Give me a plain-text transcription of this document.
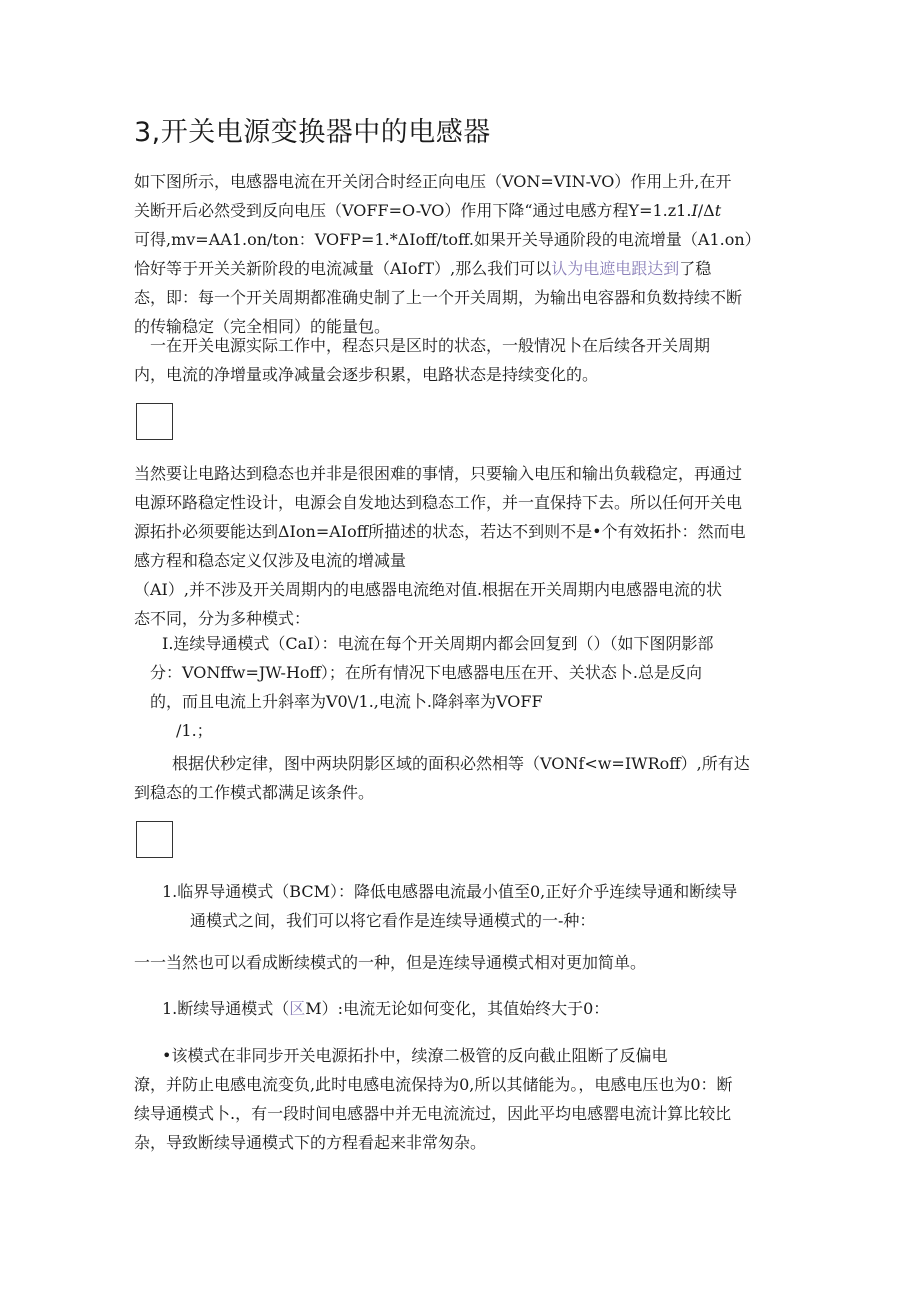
3,开关电源变换器中的电感器

如下图所示，电感器电流在开关闭合时经正向电压（VON=VIN-VO）作用上升,在开
关断开后必然受到反向电压（VOFF=O-VO）作用下降“通过电感方程Y=1.z1.𝐼/Δ𝑡
可得,mv=AA1.on/ton：VOFP=1.*ΔIoff∕toff.如果开关导通阶段的电流增量（A1.on）
恰好等于开关关新阶段的电流减量（AIofT）,那么我们可以认为电遮电跟达到了稳
态，即：每一个开关周期都准确史制了上一个开关周期，为输出电容器和负数持续不断
的传输稳定（完全相同）的能量包。

一在开关电源实际工作中，程态只是区时的状态，一般情况卜在后续各开关周期
内，电流的净增量或净减量会逐步积累，电路状态是持续变化的。

当然要让电路达到稳态也并非是很困难的事情，只要输入电压和输出负载稳定，再通过
电源环路稳定性设计，电源会自发地达到稳态工作，并一直保持下去。所以任何开关电
源拓扑必须要能达到ΔIon=AIoff所描述的状态，若达不到则不是•个有效拓扑：然而电
感方程和稳态定义仅涉及电流的增减量
（AI）,并不涉及开关周期内的电感器电流绝对值.根据在开关周期内电感器电流的状
态不同，分为多种模式：

I.连续导通模式（CaI）：电流在每个开关周期内都会回复到（）（如下图阴影部
分：VONffw=JW-Hoff）；在所有情况下电感器电压在开、关状态卜.总是反向
的，而且电流上升斜率为V0\/1.,电流卜.降斜率为VOFF
/1.；

根据伏秒定律，图中两块阴影区域的面积必然相等（VONf<w=IWRoff）,所有达
到稳态的工作模式都满足该条件。

1.临界导通模式（BCM）：降低电感器电流最小值至0,正好介乎连续导通和断续导
通模式之间，我们可以将它看作是连续导通模式的一-种：

一一当然也可以看成断续模式的一种，但是连续导通模式相对更加简单。

1.断续导通模式（区M）:电流无论如何变化，其值始终大于0：

•该模式在非同步开关电源拓扑中，续潦二极管的反向截止阻断了反偏电
潦，并防止电感电流变负,此时电感电流保持为0,所以其储能为。，电感电压也为0：断
续导通模式卜.，有一段时间电感器中并无电流流过，因此平均电感罂电流计算比较比
杂，导致断续导通模式下的方程看起来非常匆杂。
